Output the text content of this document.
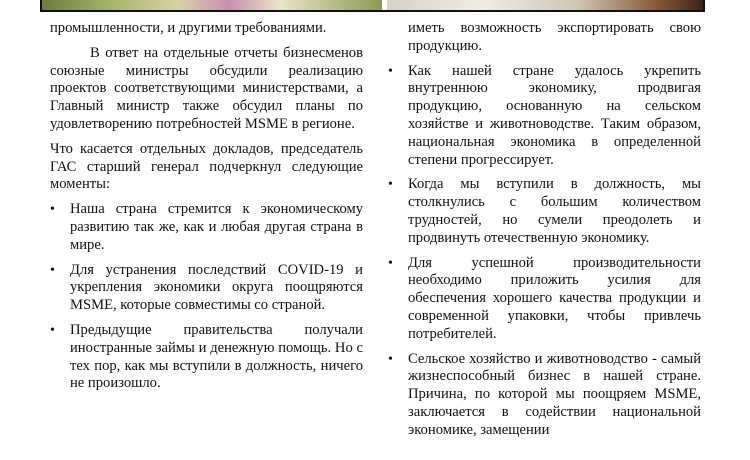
промышленности, и другими требованиями.

В ответ на отдельные отчеты бизнесменов союзные министры обсудили реализацию проектов соответствующими министерствами, а Главный министр также обсудил планы по удовлетворению потребностей MSME в регионе.

Что касается отдельных докладов, председатель ГАС старший генерал подчеркнул следующие моменты:

• Наша страна стремится к экономическому развитию так же, как и любая другая страна в мире.
• Для устранения последствий COVID-19 и укрепления экономики округа поощряются MSME, которые совместимы со страной.
• Предыдущие правительства получали иностранные займы и денежную помощь. Но с тех пор, как мы вступили в должность, ничего не произошло.
иметь возможность экспортировать свою продукцию.
• Как нашей стране удалось укрепить внутреннюю экономику, продвигая продукцию, основанную на сельском хозяйстве и животноводстве. Таким образом, национальная экономика в определенной степени прогрессирует.
• Когда мы вступили в должность, мы столкнулись с большим количеством трудностей, но сумели преодолеть и продвинуть отечественную экономику.
• Для успешной производительности необходимо приложить усилия для обеспечения хорошего качества продукции и современной упаковки, чтобы привлечь потребителей.
• Сельское хозяйство и животноводство - самый жизнеспособный бизнес в нашей стране. Причина, по которой мы поощряем MSME, заключается в содействии национальной экономике, замещении
